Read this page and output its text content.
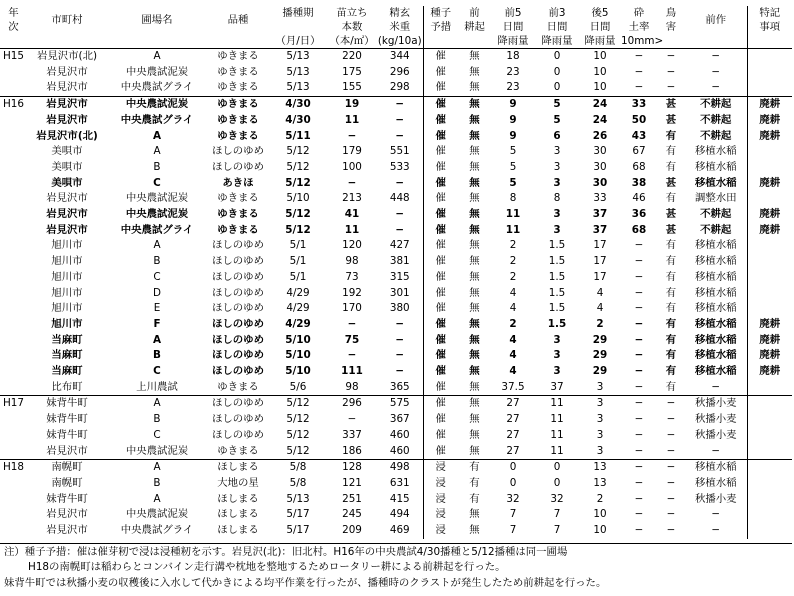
年	市町村	圃場名	品種	播種期	苗立ち	精玄	種子	前	前5	前3	後5	砕	鳥	前作	特記
次					本数	米重	予措	耕起	日間	日間	日間	土率	害		事項
				（月/日）	（本/㎡）	(kg/10a)			降雨量	降雨量	降雨量	10mm>			
H15	岩見沢市(北)	A	ゆきまる	5/13	220	344	催	無	18	0	10	−	−	−	
	岩見沢市	中央農試泥炭	ゆきまる	5/13	175	296	催	無	23	0	10	−	−	−	
	岩見沢市	中央農試グライ	ゆきまる	5/13	155	298	催	無	23	0	10	−	−	−	
H16	岩見沢市	中央農試泥炭	ゆきまる	4/30	19	−	催	無	9	5	24	33	甚	不耕起	廃耕
	岩見沢市	中央農試グライ	ゆきまる	4/30	11	−	催	無	9	5	24	50	甚	不耕起	廃耕
	岩見沢市(北)	A	ゆきまる	5/11	−	−	催	無	9	6	26	43	有	不耕起	廃耕
	美唄市	A	ほしのゆめ	5/12	179	551	催	無	5	3	30	67	有	移植水稲	
	美唄市	B	ほしのゆめ	5/12	100	533	催	無	5	3	30	68	有	移植水稲	
	美唄市	C	あきほ	5/12	−	−	催	無	5	3	30	38	甚	移植水稲	廃耕
	岩見沢市	中央農試泥炭	ゆきまる	5/10	213	448	催	無	8	8	33	46	有	調整水田	
	岩見沢市	中央農試泥炭	ゆきまる	5/12	41	−	催	無	11	3	37	36	甚	不耕起	廃耕
	岩見沢市	中央農試グライ	ゆきまる	5/12	11	−	催	無	11	3	37	68	甚	不耕起	廃耕
	旭川市	A	ほしのゆめ	5/1	120	427	催	無	2	1.5	17	−	有	移植水稲	
	旭川市	B	ほしのゆめ	5/1	98	381	催	無	2	1.5	17	−	有	移植水稲	
	旭川市	C	ほしのゆめ	5/1	73	315	催	無	2	1.5	17	−	有	移植水稲	
	旭川市	D	ほしのゆめ	4/29	192	301	催	無	4	1.5	4	−	有	移植水稲	
	旭川市	E	ほしのゆめ	4/29	170	380	催	無	4	1.5	4	−	有	移植水稲	
	旭川市	F	ほしのゆめ	4/29	−	−	催	無	2	1.5	2	−	有	移植水稲	廃耕
	当麻町	A	ほしのゆめ	5/10	75	−	催	無	4	3	29	−	有	移植水稲	廃耕
	当麻町	B	ほしのゆめ	5/10	−	−	催	無	4	3	29	−	有	移植水稲	廃耕
	当麻町	C	ほしのゆめ	5/10	111	−	催	無	4	3	29	−	有	移植水稲	廃耕
	比布町	上川農試	ゆきまる	5/6	98	365	催	無	37.5	37	3	−	有	−	
H17	妹背牛町	A	ほしのゆめ	5/12	296	575	催	無	27	11	3	−	−	秋播小麦	
	妹背牛町	B	ほしのゆめ	5/12	−	367	催	無	27	11	3	−	−	秋播小麦	
	妹背牛町	C	ほしのゆめ	5/12	337	460	催	無	27	11	3	−	−	秋播小麦	
	岩見沢市	中央農試泥炭	ゆきまる	5/12	186	460	催	無	27	11	3	−	−	−	
H18	南幌町	A	ほしまる	5/8	128	498	浸	有	0	0	13	−	−	移植水稲	
	南幌町	B	大地の星	5/8	121	631	浸	有	0	0	13	−	−	移植水稲	
	妹背牛町	A	ほしまる	5/13	251	415	浸	有	32	32	2	−	−	秋播小麦	
	岩見沢市	中央農試泥炭	ほしまる	5/17	245	494	浸	無	7	7	10	−	−	−	
	岩見沢市	中央農試グライ	ほしまる	5/17	209	469	浸	無	7	7	10	−	−	−	
注）種子予措：催は催芽籾で浸は浸種籾を示す。岩見沢(北)：旧北村。H16年の中央農試4/30播種と5/12播種は同一圃場
H18の南幌町は稲わらとコンバイン走行溝や枕地を整地するためロータリー耕による前耕起を行った。
妹背牛町では秋播小麦の収穫後に入水して代かきによる均平作業を行ったが、播種時のクラストが発生したため前耕起を行った。
